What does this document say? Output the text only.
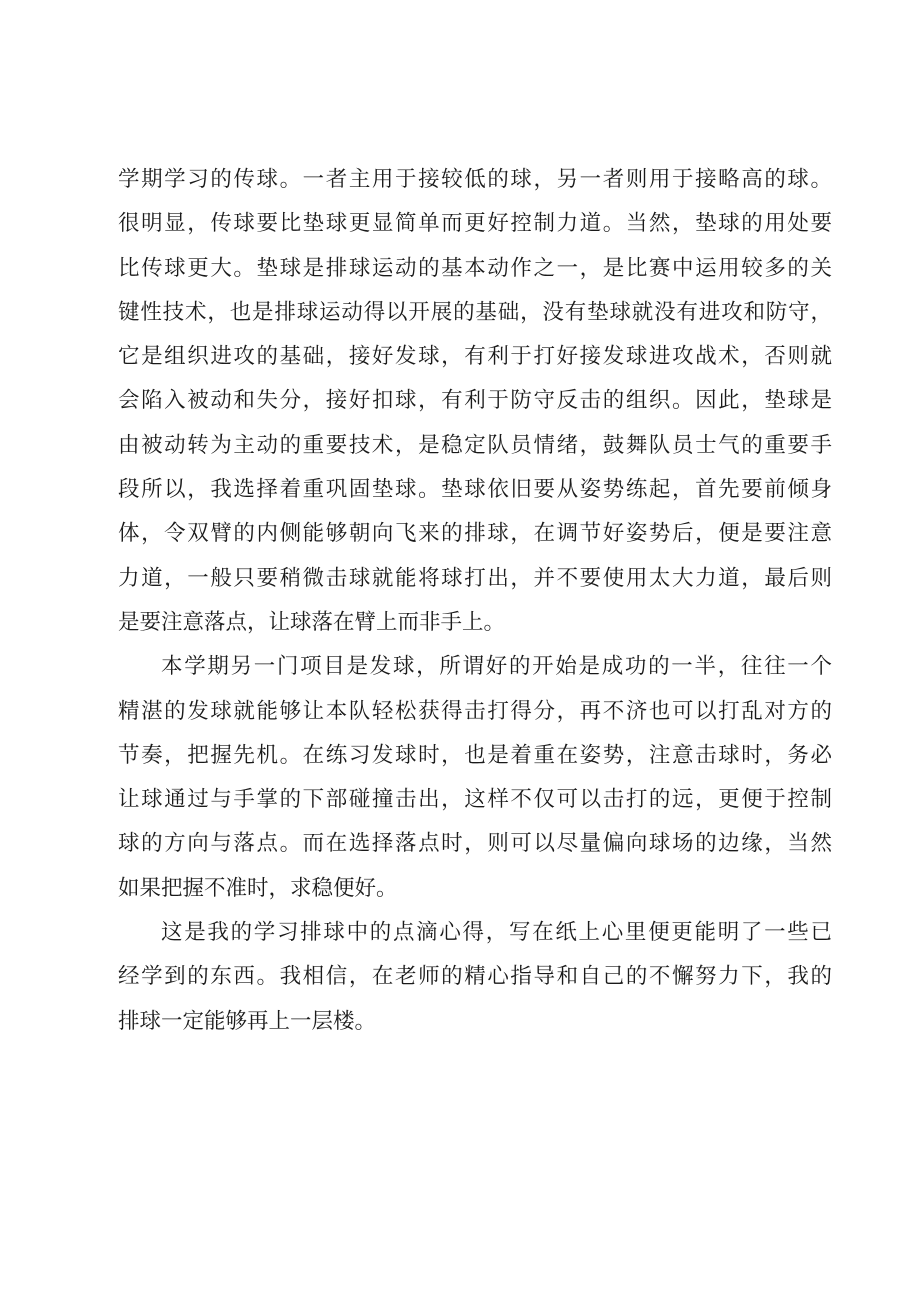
学期学习的传球。一者主用于接较低的球，另一者则用于接略高的球。
很明显，传球要比垫球更显简单而更好控制力道。当然，垫球的用处要
比传球更大。垫球是排球运动的基本动作之一，是比赛中运用较多的关
键性技术，也是排球运动得以开展的基础，没有垫球就没有进攻和防守，
它是组织进攻的基础，接好发球，有利于打好接发球进攻战术，否则就
会陷入被动和失分，接好扣球，有利于防守反击的组织。因此，垫球是
由被动转为主动的重要技术，是稳定队员情绪，鼓舞队员士气的重要手
段所以，我选择着重巩固垫球。垫球依旧要从姿势练起，首先要前倾身
体，令双臂的内侧能够朝向飞来的排球，在调节好姿势后，便是要注意
力道，一般只要稍微击球就能将球打出，并不要使用太大力道，最后则
是要注意落点，让球落在臂上而非手上。
本学期另一门项目是发球，所谓好的开始是成功的一半，往往一个
精湛的发球就能够让本队轻松获得击打得分，再不济也可以打乱对方的
节奏，把握先机。在练习发球时，也是着重在姿势，注意击球时，务必
让球通过与手掌的下部碰撞击出，这样不仅可以击打的远，更便于控制
球的方向与落点。而在选择落点时，则可以尽量偏向球场的边缘，当然
如果把握不准时，求稳便好。
这是我的学习排球中的点滴心得，写在纸上心里便更能明了一些已
经学到的东西。我相信，在老师的精心指导和自己的不懈努力下，我的
排球一定能够再上一层楼。
